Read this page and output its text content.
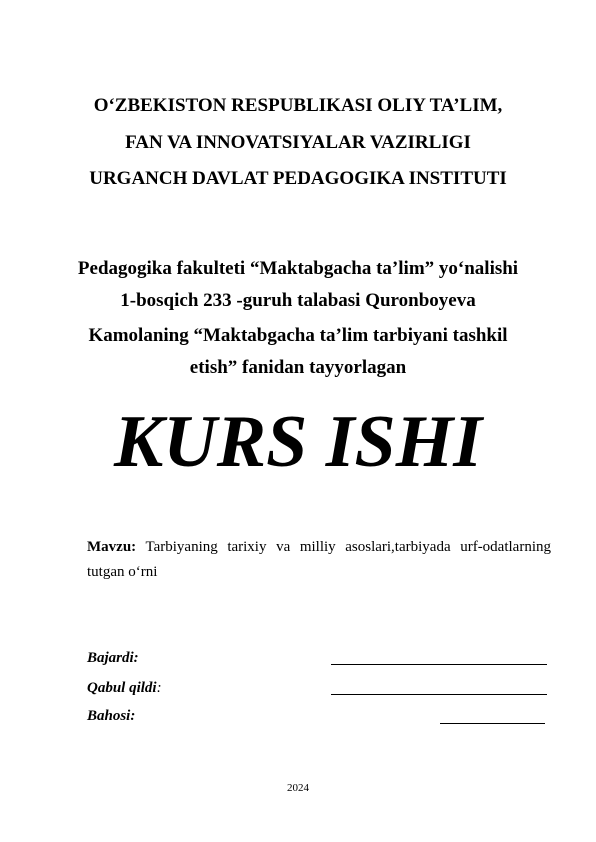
O‘ZBEKISTON RESPUBLIKASI OLIY TA’LIM,
FAN VA INNOVATSIYALAR VAZIRLIGI
URGANCH DAVLAT PEDAGOGIKA INSTITUTI
Pedagogika fakulteti “Maktabgacha ta’lim” yo‘nalishi
1-bosqich 233 -guruh talabasi Quronboyeva
Kamolaning “Maktabgacha ta’lim tarbiyani tashkil
etish” fanidan tayyorlagan
KURS ISHI
Mavzu: Tarbiyaning tarixiy va milliy asoslari,tarbiyada urf-odatlarning tutgan o‘rni
Bajardi:
Qabul qildi:
Bahosi:
2024
